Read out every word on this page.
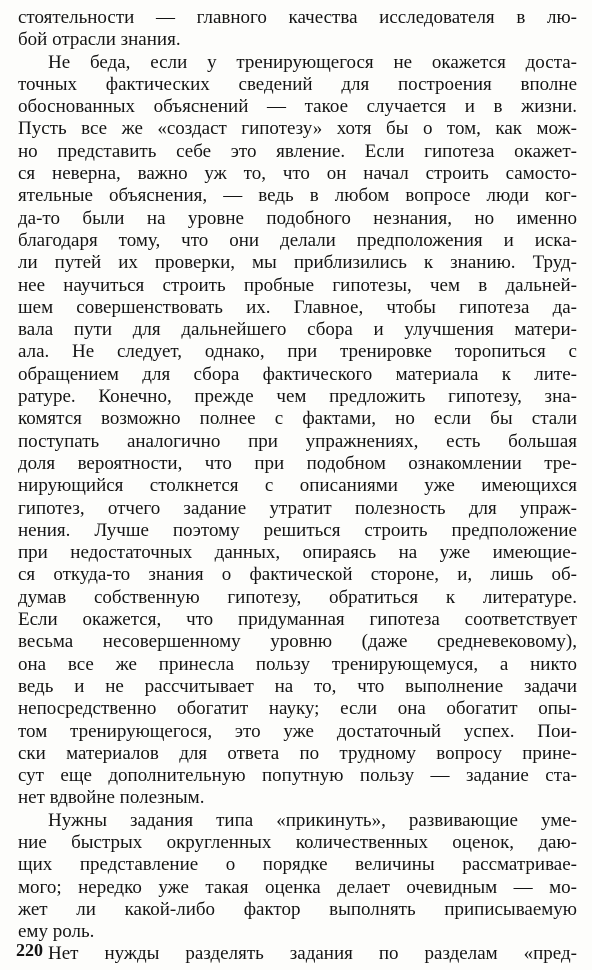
стоятельности — главного качества исследователя в лю-
бой отрасли знания.
Не беда, если у тренирующегося не окажется доста-
точных фактических сведений для построения вполне
обоснованных объяснений — такое случается и в жизни.
Пусть все же «создаст гипотезу» хотя бы о том, как мож-
но представить себе это явление. Если гипотеза окажет-
ся неверна, важно уж то, что он начал строить самосто-
ятельные объяснения, — ведь в любом вопросе люди ког-
да-то были на уровне подобного незнания, но именно
благодаря тому, что они делали предположения и иска-
ли путей их проверки, мы приблизились к знанию. Труд-
нее научиться строить пробные гипотезы, чем в дальней-
шем совершенствовать их. Главное, чтобы гипотеза да-
вала пути для дальнейшего сбора и улучшения матери-
ала. Не следует, однако, при тренировке торопиться с
обращением для сбора фактического материала к лите-
ратуре. Конечно, прежде чем предложить гипотезу, зна-
комятся возможно полнее с фактами, но если бы стали
поступать аналогично при упражнениях, есть большая
доля вероятности, что при подобном ознакомлении тре-
нирующийся столкнется с описаниями уже имеющихся
гипотез, отчего задание утратит полезность для упраж-
нения. Лучше поэтому решиться строить предположение
при недостаточных данных, опираясь на уже имеющие-
ся откуда-то знания о фактической стороне, и, лишь об-
думав собственную гипотезу, обратиться к литературе.
Если окажется, что придуманная гипотеза соответствует
весьма несовершенному уровню (даже средневековому),
она все же принесла пользу тренирующемуся, а никто
ведь и не рассчитывает на то, что выполнение задачи
непосредственно обогатит науку; если она обогатит опы-
том тренирующегося, это уже достаточный успех. Пои-
ски материалов для ответа по трудному вопросу прине-
сут еще дополнительную попутную пользу — задание ста-
нет вдвойне полезным.
Нужны задания типа «прикинуть», развивающие уме-
ние быстрых округленных количественных оценок, даю-
щих представление о порядке величины рассматривае-
мого; нередко уже такая оценка делает очевидным — мо-
жет ли какой-либо фактор выполнять приписываемую
ему роль.
Нет нужды разделять задания по разделам «пред-
220
